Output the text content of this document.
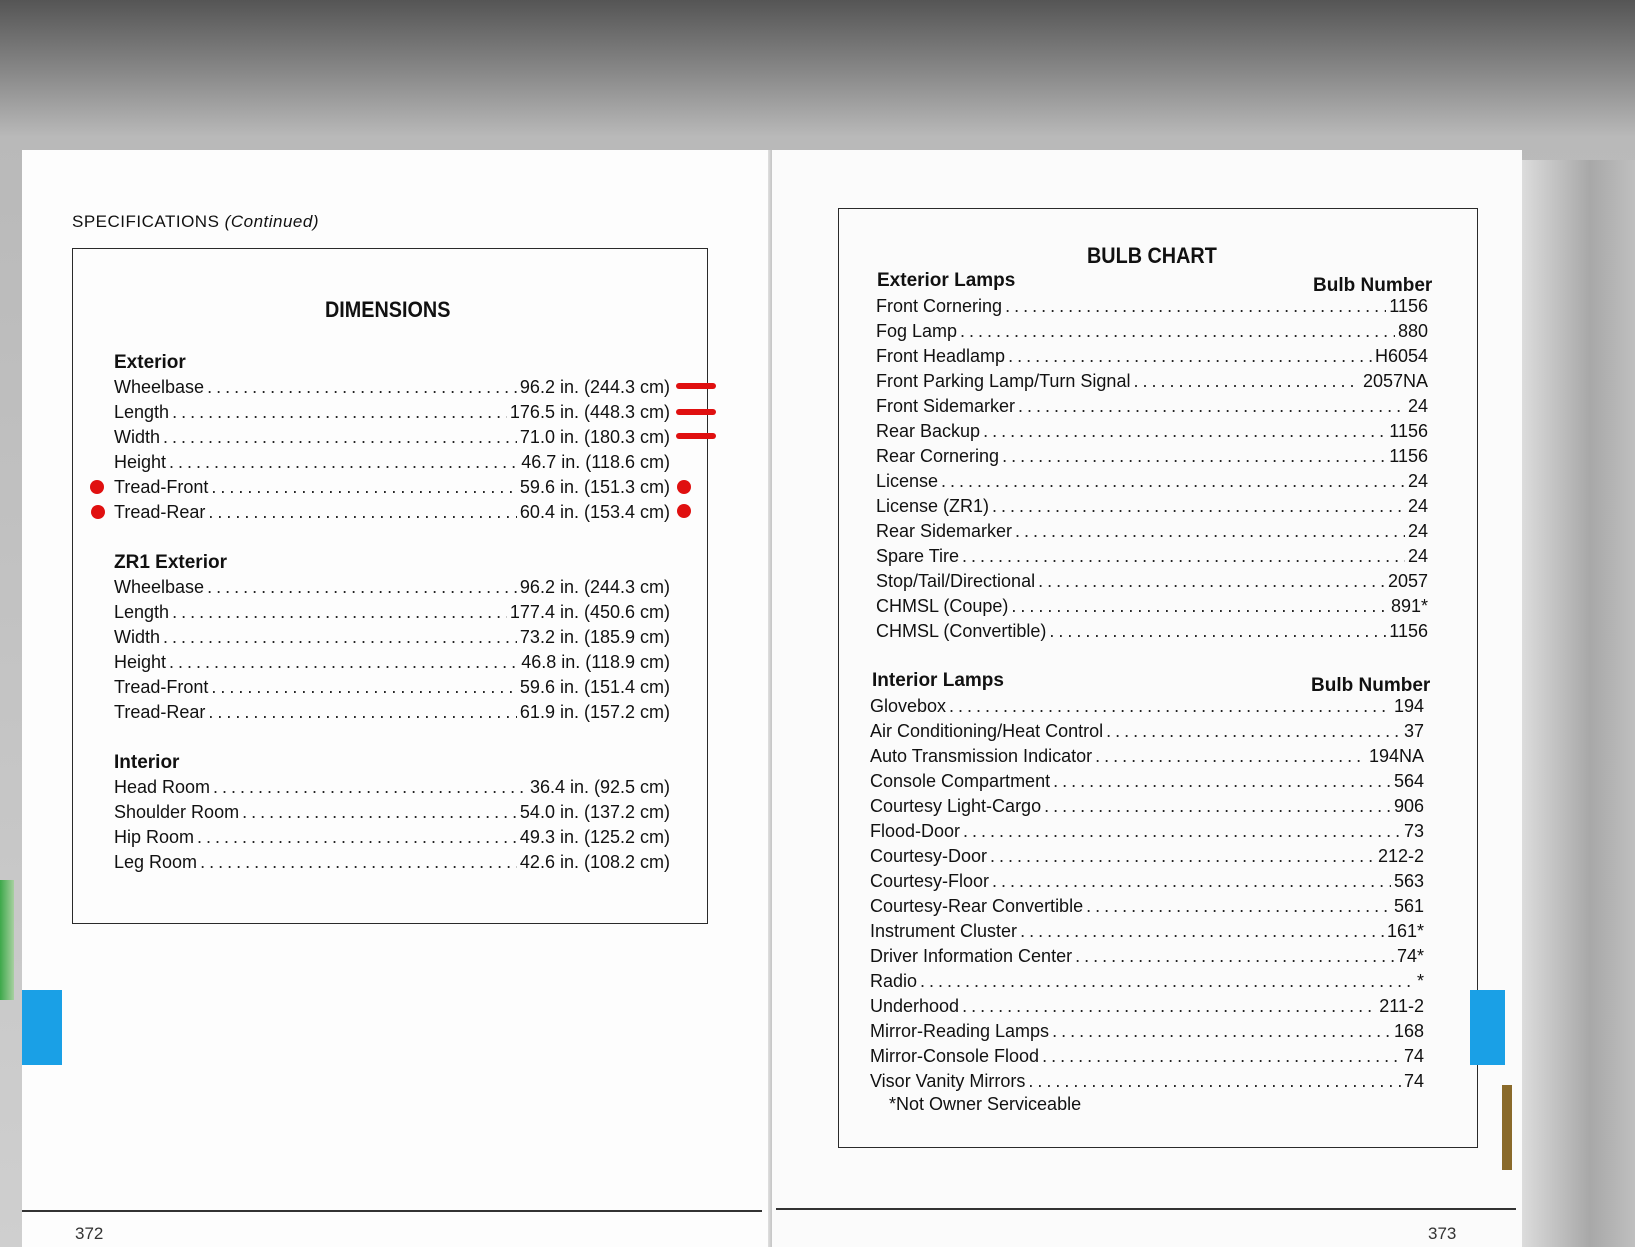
SPECIFICATIONS (Continued)
DIMENSIONS
Exterior
Wheelbase .....	96.2 in. (244.3 cm)
Length .....	176.5 in. (448.3 cm)
Width .....	71.0 in. (180.3 cm)
Height .....	46.7 in. (118.6 cm)
Tread-Front .....	59.6 in. (151.3 cm)
Tread-Rear .....	60.4 in. (153.4 cm)
ZR1 Exterior
Wheelbase .....	96.2 in. (244.3 cm)
Length .....	177.4 in. (450.6 cm)
Width .....	73.2 in. (185.9 cm)
Height .....	46.8 in. (118.9 cm)
Tread-Front .....	59.6 in. (151.4 cm)
Tread-Rear .....	61.9 in. (157.2 cm)
Interior
Head Room .....	36.4 in. (92.5 cm)
Shoulder Room .....	54.0 in. (137.2 cm)
Hip Room .....	49.3 in. (125.2 cm)
Leg Room .....	42.6 in. (108.2 cm)
372
BULB CHART
Exterior Lamps	Bulb Number
Front Cornering .....	1156
Fog Lamp .....	880
Front Headlamp .....	H6054
Front Parking Lamp/Turn Signal .....	2057NA
Front Sidemarker .....	24
Rear Backup .....	1156
Rear Cornering .....	1156
License .....	24
License (ZR1) .....	24
Rear Sidemarker .....	24
Spare Tire .....	24
Stop/Tail/Directional .....	2057
CHMSL (Coupe) .....	891*
CHMSL (Convertible) .....	1156
Interior Lamps	Bulb Number
Glovebox .....	194
Air Conditioning/Heat Control .....	37
Auto Transmission Indicator .....	194NA
Console Compartment .....	564
Courtesy Light-Cargo .....	906
Flood-Door .....	73
Courtesy-Door .....	212-2
Courtesy-Floor .....	563
Courtesy-Rear Convertible .....	561
Instrument Cluster .....	161*
Driver Information Center .....	74*
Radio .....	*
Underhood .....	211-2
Mirror-Reading Lamps .....	168
Mirror-Console Flood .....	74
Visor Vanity Mirrors .....	74
*Not Owner Serviceable
373
